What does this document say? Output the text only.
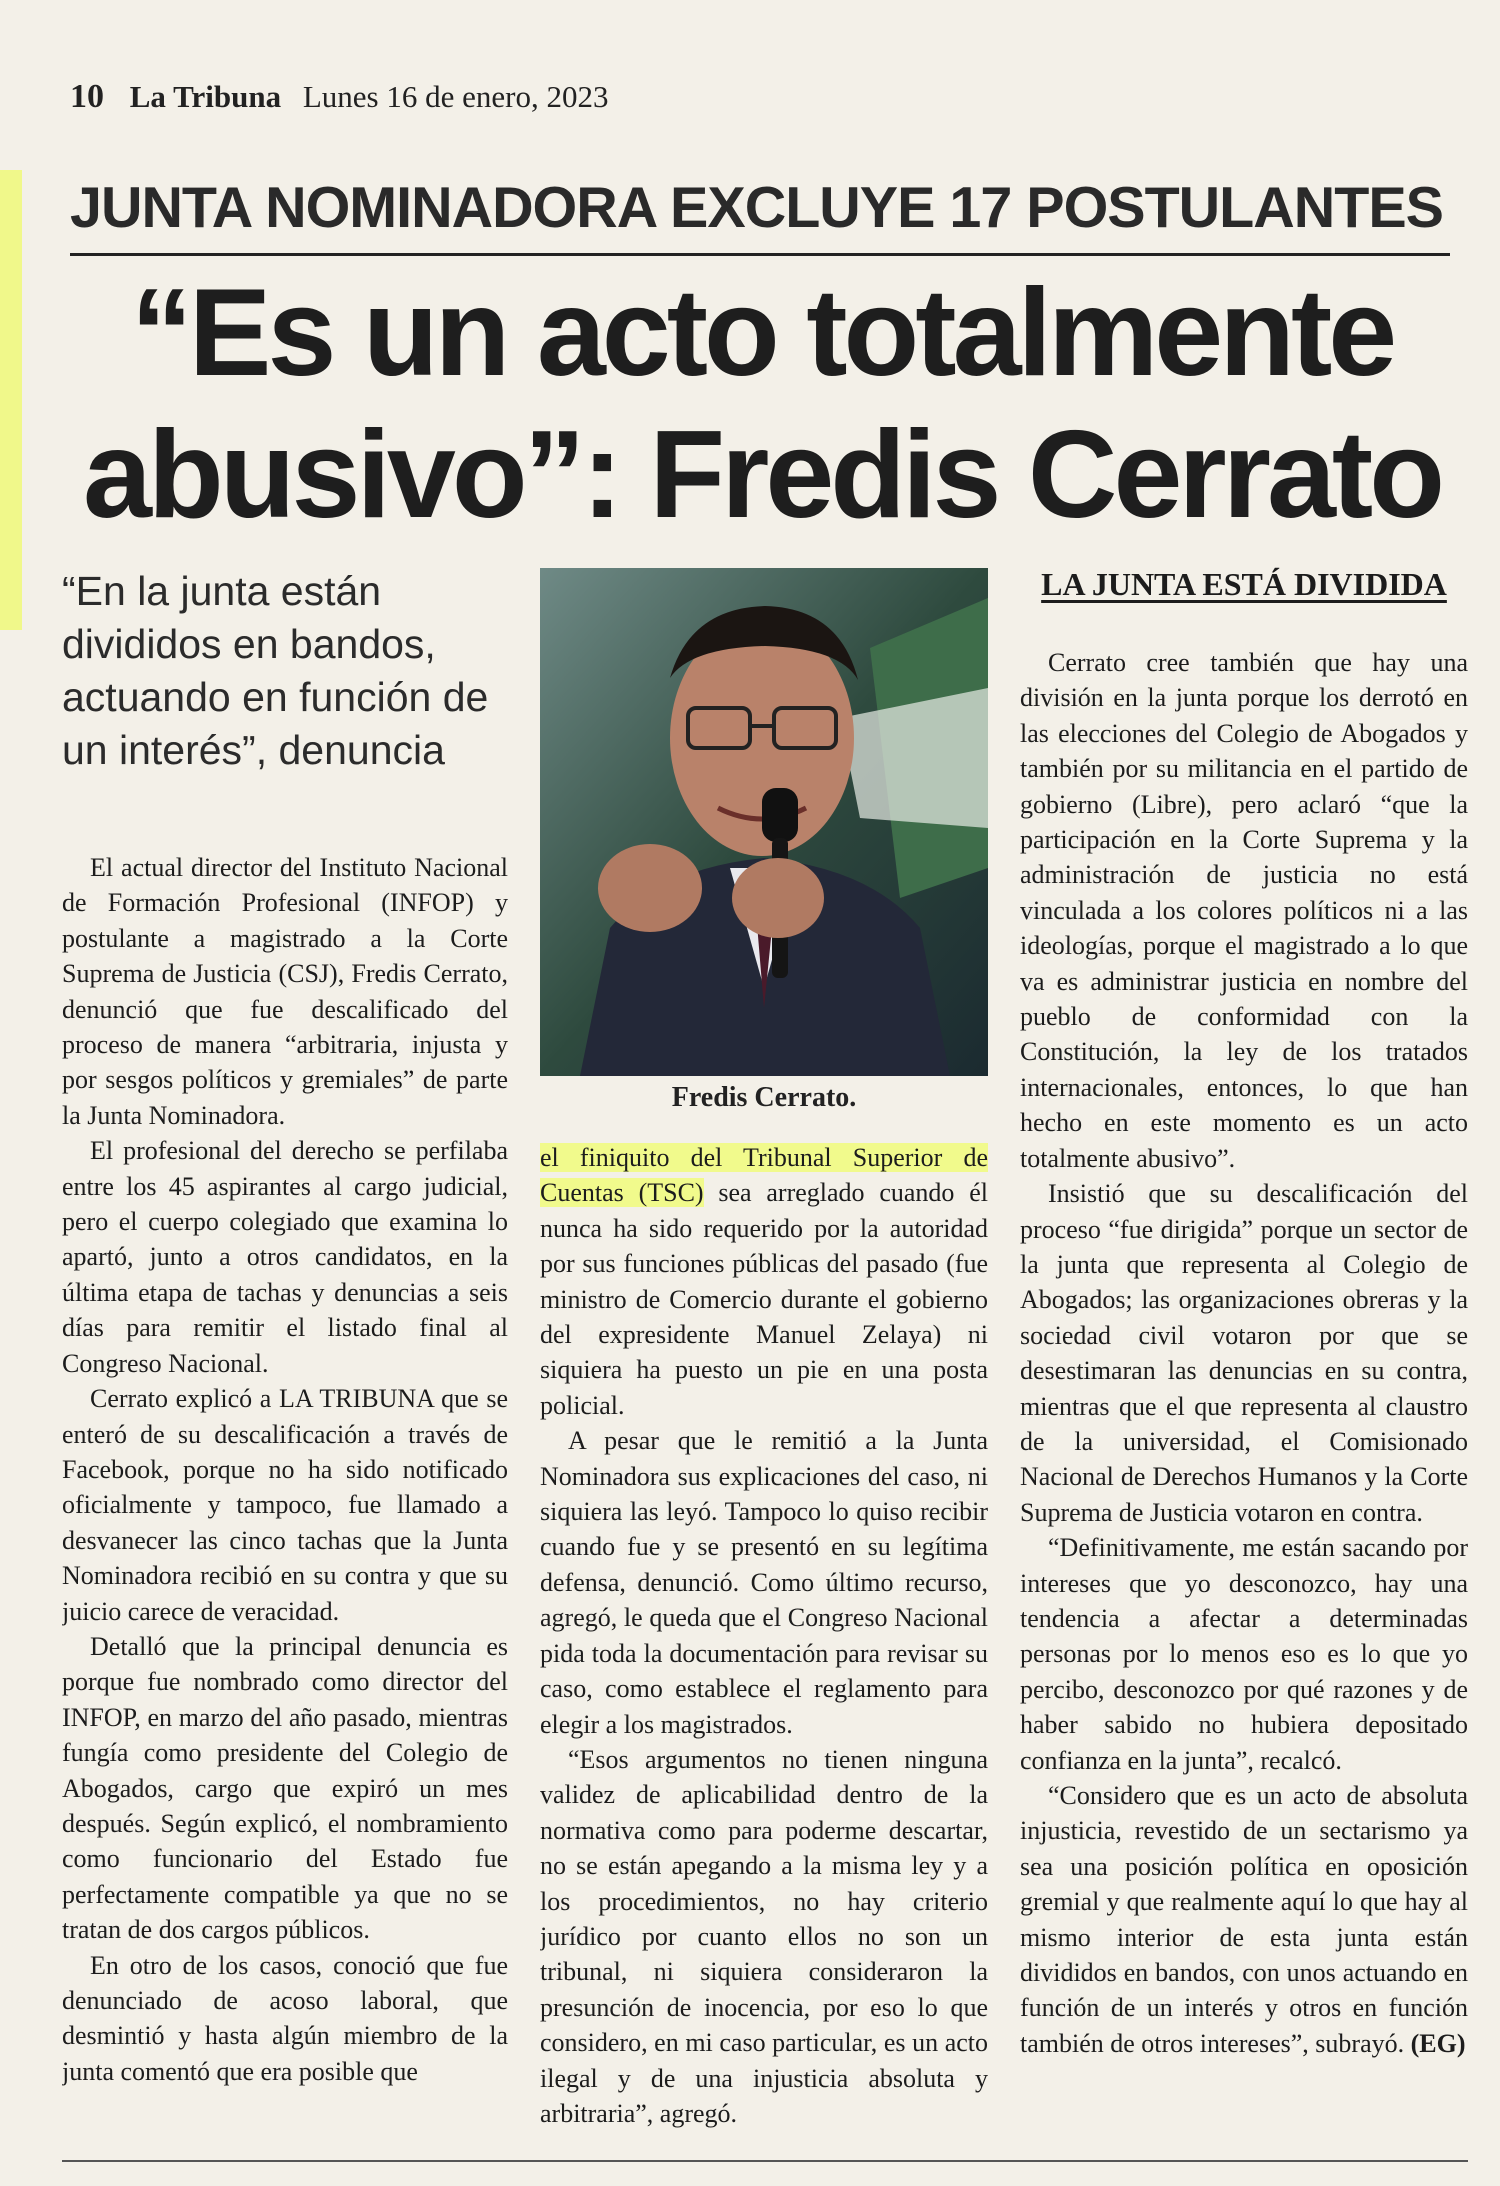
10 La Tribuna Lunes 16 de enero, 2023
JUNTA NOMINADORA EXCLUYE 17 POSTULANTES
“Es un acto totalmente
abusivo”: Fredis Cerrato
“En la junta están divididos en bandos, actuando en función de un interés”, denuncia

El actual director del Instituto Nacional de Formación Profesional (INFOP) y postulante a magistrado a la Corte Suprema de Justicia (CSJ), Fredis Cerrato, denunció que fue descalificado del proceso de manera “arbitraria, injusta y por sesgos políticos y gremiales” de parte la Junta Nominadora.

El profesional del derecho se perfilaba entre los 45 aspirantes al cargo judicial, pero el cuerpo colegiado que examina lo apartó, junto a otros candidatos, en la última etapa de tachas y denuncias a seis días para remitir el listado final al Congreso Nacional.

Cerrato explicó a LA TRIBUNA que se enteró de su descalificación a través de Facebook, porque no ha sido notificado oficialmente y tampoco, fue llamado a desvanecer las cinco tachas que la Junta Nominadora recibió en su contra y que su juicio carece de veracidad.

Detalló que la principal denuncia es porque fue nombrado como director del INFOP, en marzo del año pasado, mientras fungía como presidente del Colegio de Abogados, cargo que expiró un mes después. Según explicó, el nombramiento como funcionario del Estado fue perfectamente compatible ya que no se tratan de dos cargos públicos.

En otro de los casos, conoció que fue denunciado de acoso laboral, que desmintió y hasta algún miembro de la junta comentó que era posible que

Fredis Cerrato.

el finiquito del Tribunal Superior de Cuentas (TSC) sea arreglado cuando él nunca ha sido requerido por la autoridad por sus funciones públicas del pasado (fue ministro de Comercio durante el gobierno del expresidente Manuel Zelaya) ni siquiera ha puesto un pie en una posta policial.

A pesar que le remitió a la Junta Nominadora sus explicaciones del caso, ni siquiera las leyó. Tampoco lo quiso recibir cuando fue y se presentó en su legítima defensa, denunció. Como último recurso, agregó, le queda que el Congreso Nacional pida toda la documentación para revisar su caso, como establece el reglamento para elegir a los magistrados.

“Esos argumentos no tienen ninguna validez de aplicabilidad dentro de la normativa como para poderme descartar, no se están apegando a la misma ley y a los procedimientos, no hay criterio jurídico por cuanto ellos no son un tribunal, ni siquiera consideraron la presunción de inocencia, por eso lo que considero, en mi caso particular, es un acto ilegal y de una injusticia absoluta y arbitraria”, agregó.

LA JUNTA ESTÁ DIVIDIDA

Cerrato cree también que hay una división en la junta porque los derrotó en las elecciones del Colegio de Abogados y también por su militancia en el partido de gobierno (Libre), pero aclaró “que la participación en la Corte Suprema y la administración de justicia no está vinculada a los colores políticos ni a las ideologías, porque el magistrado a lo que va es administrar justicia en nombre del pueblo de conformidad con la Constitución, la ley de los tratados internacionales, entonces, lo que han hecho en este momento es un acto totalmente abusivo”.

Insistió que su descalificación del proceso “fue dirigida” porque un sector de la junta que representa al Colegio de Abogados; las organizaciones obreras y la sociedad civil votaron por que se desestimaran las denuncias en su contra, mientras que el que representa al claustro de la universidad, el Comisionado Nacional de Derechos Humanos y la Corte Suprema de Justicia votaron en contra.

“Definitivamente, me están sacando por intereses que yo desconozco, hay una tendencia a afectar a determinadas personas por lo menos eso es lo que yo percibo, desconozco por qué razones y de haber sabido no hubiera depositado confianza en la junta”, recalcó.

“Considero que es un acto de absoluta injusticia, revestido de un sectarismo ya sea una posición política en oposición gremial y que realmente aquí lo que hay al mismo interior de esta junta están divididos en bandos, con unos actuando en función de un interés y otros en función también de otros intereses”, subrayó. (EG)
